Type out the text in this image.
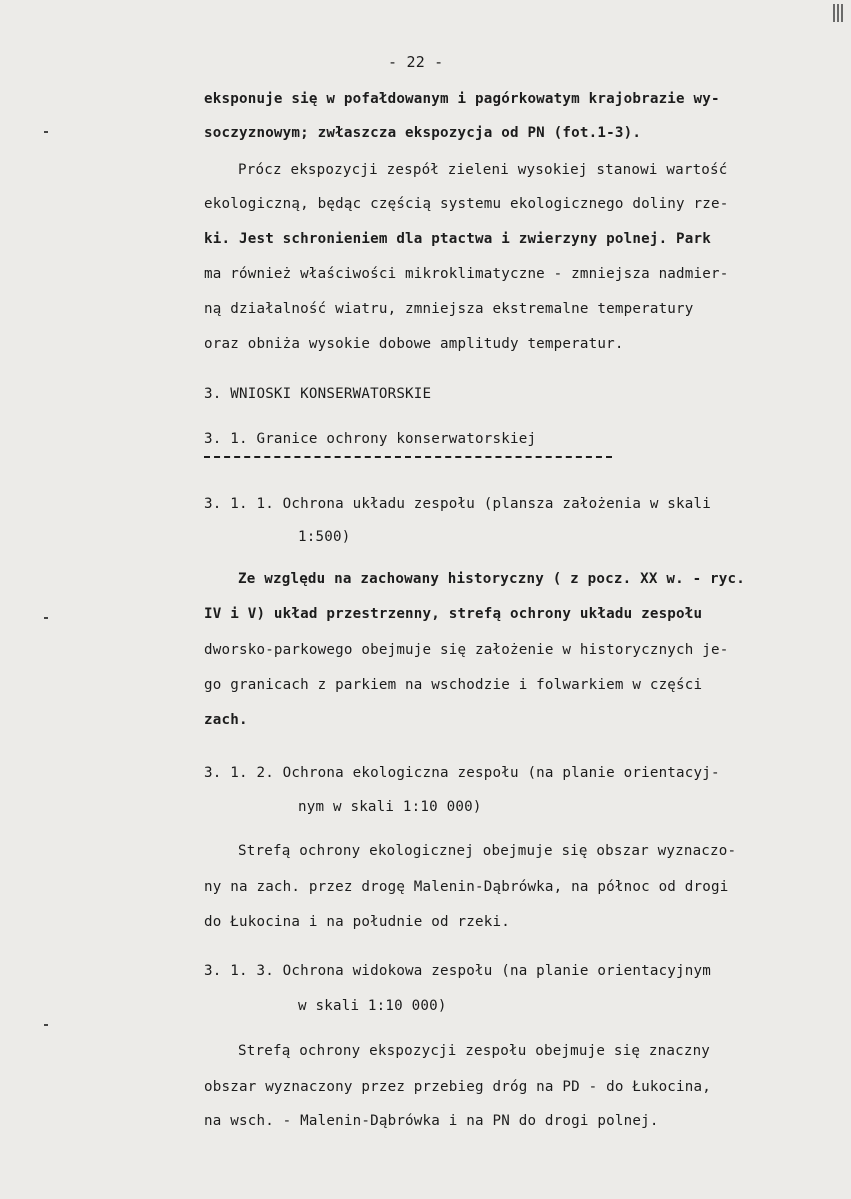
- 22 -
eksponuje się w pofałdowanym i pagórkowatym krajobrazie wy-
soczyznowym; zwłaszcza ekspozycja od PN (fot.1-3).
Prócz ekspozycji zespół zieleni wysokiej stanowi wartość
ekologiczną, będąc częścią systemu ekologicznego doliny rze-
ki. Jest schronieniem dla ptactwa i zwierzyny polnej. Park
ma również właściwości mikroklimatyczne - zmniejsza nadmier-
ną działalność wiatru, zmniejsza ekstremalne temperatury
oraz obniża wysokie dobowe amplitudy temperatur.
3. WNIOSKI KONSERWATORSKIE
3. 1. Granice ochrony konserwatorskiej
3. 1. 1. Ochrona układu zespołu (plansza założenia w skali
1:500)
Ze względu na zachowany historyczny ( z pocz. XX w. - ryc.
IV i V) układ przestrzenny, strefą ochrony układu zespołu
dworsko-parkowego obejmuje się założenie w historycznych je-
go granicach z parkiem na wschodzie i folwarkiem w części
zach.
3. 1. 2. Ochrona ekologiczna zespołu (na planie orientacyj-
nym w skali 1:10 000)
Strefą ochrony ekologicznej obejmuje się obszar wyznaczo-
ny na zach. przez drogę Malenin-Dąbrówka, na północ od drogi
do Łukocina i na południe od rzeki.
3. 1. 3. Ochrona widokowa zespołu (na planie orientacyjnym
w skali 1:10 000)
Strefą ochrony ekspozycji zespołu obejmuje się znaczny
obszar wyznaczony przez przebieg dróg na PD - do Łukocina,
na wsch. - Malenin-Dąbrówka i na PN do drogi polnej.
